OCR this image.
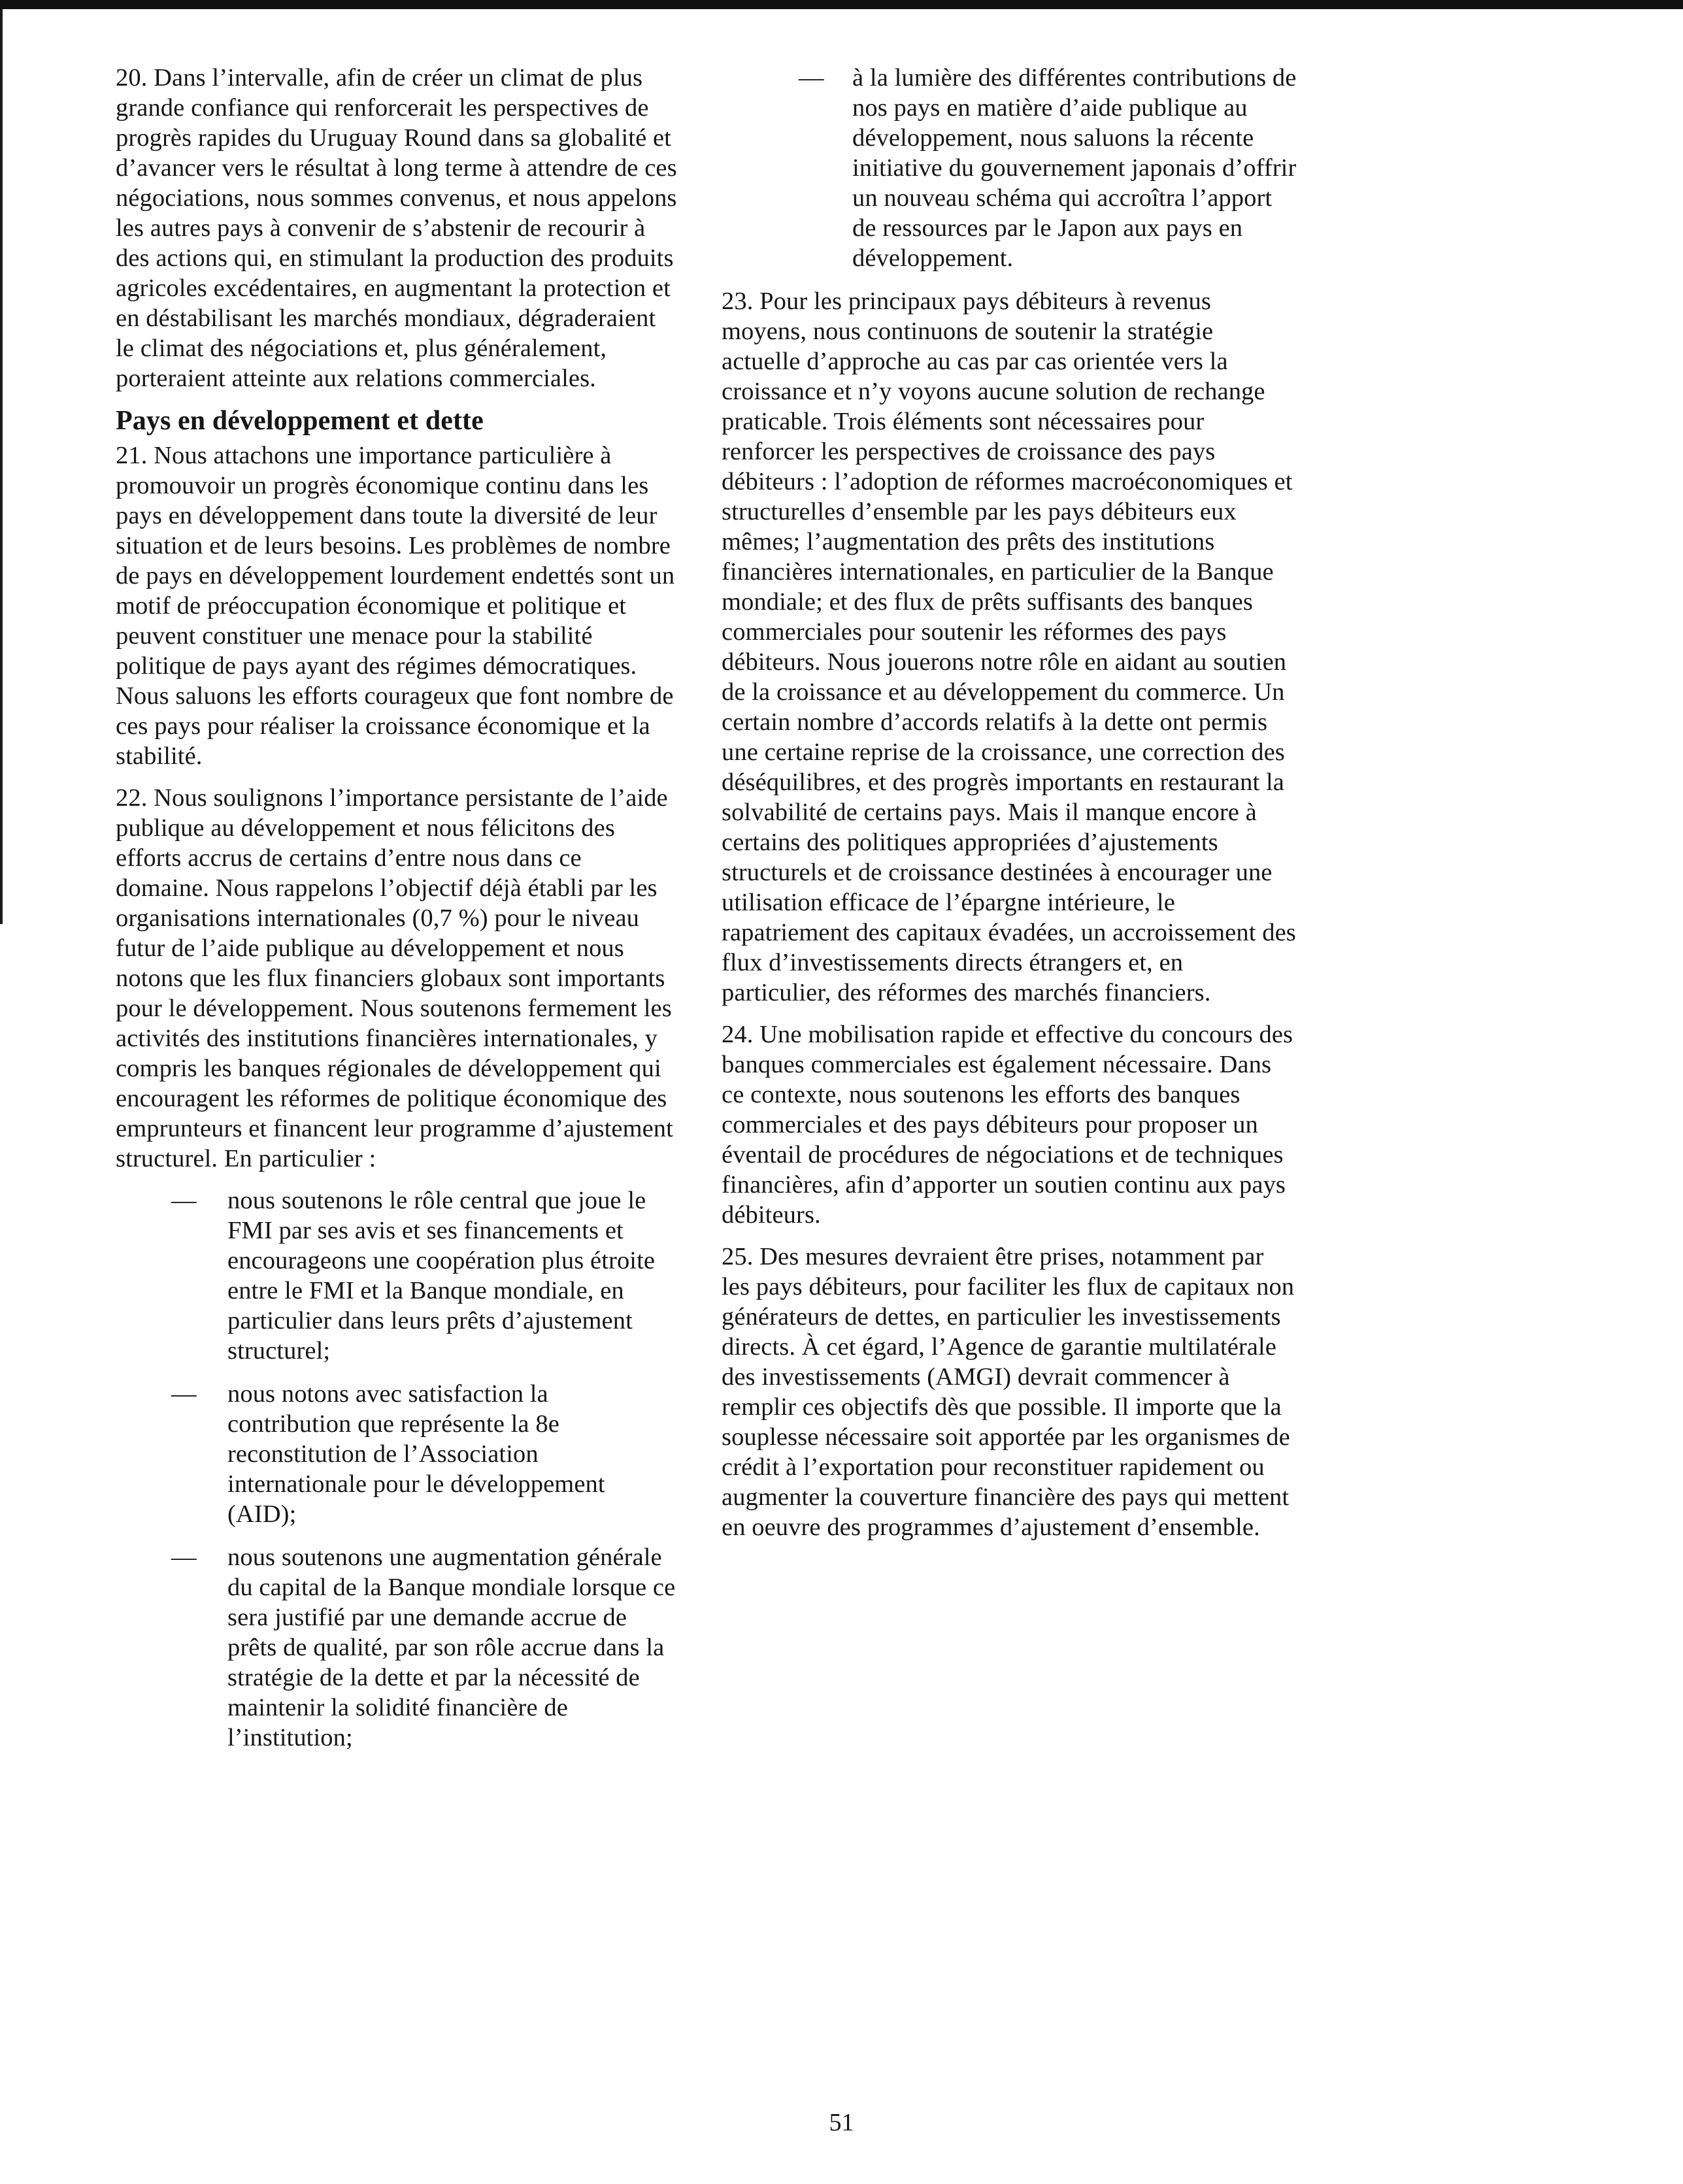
20. Dans l’intervalle, afin de créer un climat de plus grande confiance qui renforcerait les perspectives de progrès rapides du Uruguay Round dans sa globalité et d’avancer vers le résultat à long terme à attendre de ces négociations, nous sommes convenus, et nous appelons les autres pays à convenir de s’abstenir de recourir à des actions qui, en stimulant la production des produits agricoles excédentaires, en augmentant la protection et en déstabilisant les marchés mondiaux, dégraderaient le climat des négociations et, plus généralement, porteraient atteinte aux relations commerciales.

Pays en développement et dette

21. Nous attachons une importance particulière à promouvoir un progrès économique continu dans les pays en développement dans toute la diversité de leur situation et de leurs besoins. Les problèmes de nombre de pays en développement lourdement endettés sont un motif de préoccupation économique et politique et peuvent constituer une menace pour la stabilité politique de pays ayant des régimes démocratiques. Nous saluons les efforts courageux que font nombre de ces pays pour réaliser la croissance économique et la stabilité.

22. Nous soulignons l’importance persistante de l’aide publique au développement et nous félicitons des efforts accrus de certains d’entre nous dans ce domaine. Nous rappelons l’objectif déjà établi par les organisations internationales (0,7 %) pour le niveau futur de l’aide publique au développement et nous notons que les flux financiers globaux sont importants pour le développement. Nous soutenons fermement les activités des institutions financières internationales, y compris les banques régionales de développement qui encouragent les réformes de politique économique des emprunteurs et financent leur programme d’ajustement structurel. En particulier :

— nous soutenons le rôle central que joue le FMI par ses avis et ses financements et encourageons une coopération plus étroite entre le FMI et la Banque mondiale, en particulier dans leurs prêts d’ajustement structurel;
— nous notons avec satisfaction la contribution que représente la 8e reconstitution de l’Association internationale pour le développement (AID);
— nous soutenons une augmentation générale du capital de la Banque mondiale lorsque ce sera justifié par une demande accrue de prêts de qualité, par son rôle accrue dans la stratégie de la dette et par la nécessité de maintenir la solidité financière de l’institution;
— à la lumière des différentes contributions de nos pays en matière d’aide publique au développement, nous saluons la récente initiative du gouvernement japonais d’offrir un nouveau schéma qui accroîtra l’apport de ressources par le Japon aux pays en développement.

23. Pour les principaux pays débiteurs à revenus moyens, nous continuons de soutenir la stratégie actuelle d’approche au cas par cas orientée vers la croissance et n’y voyons aucune solution de rechange praticable. Trois éléments sont nécessaires pour renforcer les perspectives de croissance des pays débiteurs : l’adoption de réformes macroéconomiques et structurelles d’ensemble par les pays débiteurs eux mêmes; l’augmentation des prêts des institutions financières internationales, en particulier de la Banque mondiale; et des flux de prêts suffisants des banques commerciales pour soutenir les réformes des pays débiteurs. Nous jouerons notre rôle en aidant au soutien de la croissance et au développement du commerce. Un certain nombre d’accords relatifs à la dette ont permis une certaine reprise de la croissance, une correction des déséquilibres, et des progrès importants en restaurant la solvabilité de certains pays. Mais il manque encore à certains des politiques appropriées d’ajustements structurels et de croissance destinées à encourager une utilisation efficace de l’épargne intérieure, le rapatriement des capitaux évadées, un accroissement des flux d’investissements directs étrangers et, en particulier, des réformes des marchés financiers.

24. Une mobilisation rapide et effective du concours des banques commerciales est également nécessaire. Dans ce contexte, nous soutenons les efforts des banques commerciales et des pays débiteurs pour proposer un éventail de procédures de négociations et de techniques financières, afin d’apporter un soutien continu aux pays débiteurs.

25. Des mesures devraient être prises, notamment par les pays débiteurs, pour faciliter les flux de capitaux non générateurs de dettes, en particulier les investissements directs. À cet égard, l’Agence de garantie multilatérale des investissements (AMGI) devrait commencer à remplir ces objectifs dès que possible. Il importe que la souplesse nécessaire soit apportée par les organismes de crédit à l’exportation pour reconstituer rapidement ou augmenter la couverture financière des pays qui mettent en oeuvre des programmes d’ajustement d’ensemble.

51
